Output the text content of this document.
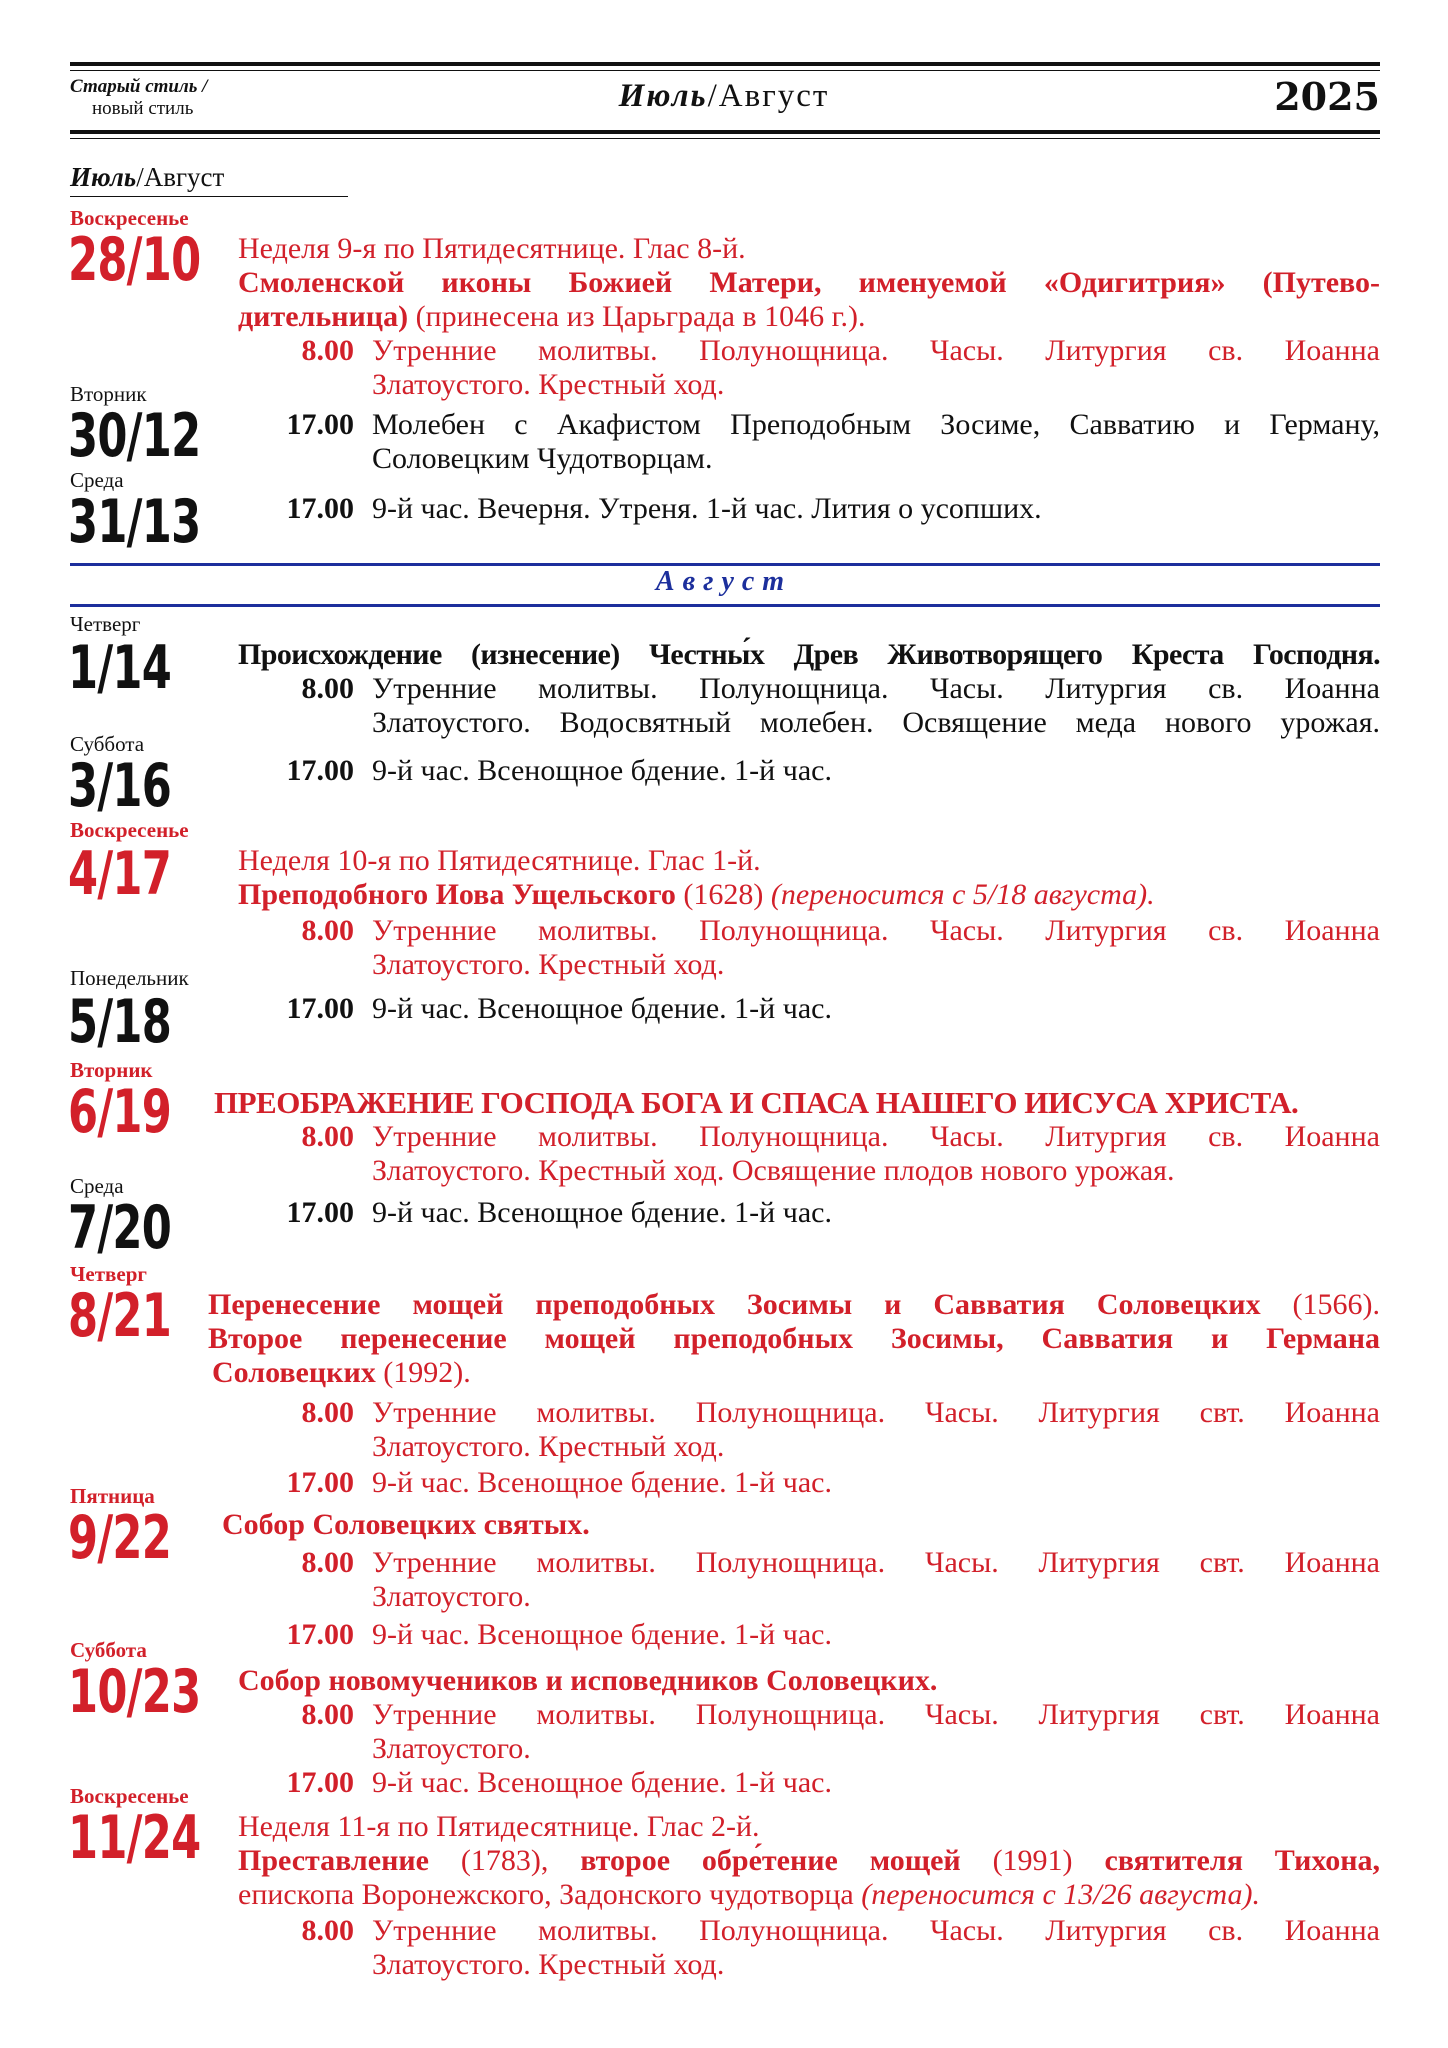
Старый стиль /
новый стиль	Июль/Август	2025
Июль/Август
Воскресенье
28/10 Неделя 9-я по Пятидесятнице. Глас 8-й.
Смоленской иконы Божией Матери, именуемой «Одигитрия» (Путево-
дительница) (принесена из Царьграда в 1046 г.).
8.00 Утренние молитвы. Полунощница. Часы. Литургия св. Иоанна
Златоустого. Крестный ход.
Вторник
30/12	17.00 Молебен с Акафистом Преподобным Зосиме, Савватию и Герману,
Соловецким Чудотворцам.
Среда
31/13	17.00 9-й час. Вечерня. Утреня. 1-й час. Лития о усопших.
Август
Четверг
1/14 Происхождение (изнесение) Честны́х Древ Животворящего Креста Господня.
8.00 Утренние молитвы. Полунощница. Часы. Литургия св. Иоанна
Златоустого. Водосвятный молебен. Освящение меда нового урожая.
Суббота
3/16	17.00 9-й час. Всенощное бдение. 1-й час.
Воскресенье
4/17 Неделя 10-я по Пятидесятнице. Глас 1-й.
Преподобного Иова Ущельского (1628) (переносится с 5/18 августа).
8.00 Утренние молитвы. Полунощница. Часы. Литургия св. Иоанна
Златоустого. Крестный ход.
Понедельник
5/18	17.00 9-й час. Всенощное бдение. 1-й час.
Вторник
6/19 ПРЕОБРАЖЕНИЕ ГОСПОДА БОГА И СПАСА НАШЕГО ИИСУСА ХРИСТА.
8.00 Утренние молитвы. Полунощница. Часы. Литургия св. Иоанна
Златоустого. Крестный ход. Освящение плодов нового урожая.
Среда
7/20	17.00 9-й час. Всенощное бдение. 1-й час.
Четверг
8/21 Перенесение мощей преподобных Зосимы и Савватия Соловецких (1566).
Второе перенесение мощей преподобных Зосимы, Савватия и Германа
Соловецких (1992).
8.00 Утренние молитвы. Полунощница. Часы. Литургия свт. Иоанна
Златоустого. Крестный ход.
17.00 9-й час. Всенощное бдение. 1-й час.
Пятница
9/22 Собор Соловецких святых.
8.00 Утренние молитвы. Полунощница. Часы. Литургия свт. Иоанна
Златоустого.
17.00 9-й час. Всенощное бдение. 1-й час.
Суббота
10/23 Собор новомучеников и исповедников Соловецких.
8.00 Утренние молитвы. Полунощница. Часы. Литургия свт. Иоанна
Златоустого.
17.00 9-й час. Всенощное бдение. 1-й час.
Воскресенье
11/24 Неделя 11-я по Пятидесятнице. Глас 2-й.
Преставление (1783), второе обре́тение мощей (1991) святителя Тихона,
епископа Воронежского, Задонского чудотворца (переносится с 13/26 августа).
8.00 Утренние молитвы. Полунощница. Часы. Литургия св. Иоанна
Златоустого. Крестный ход.
